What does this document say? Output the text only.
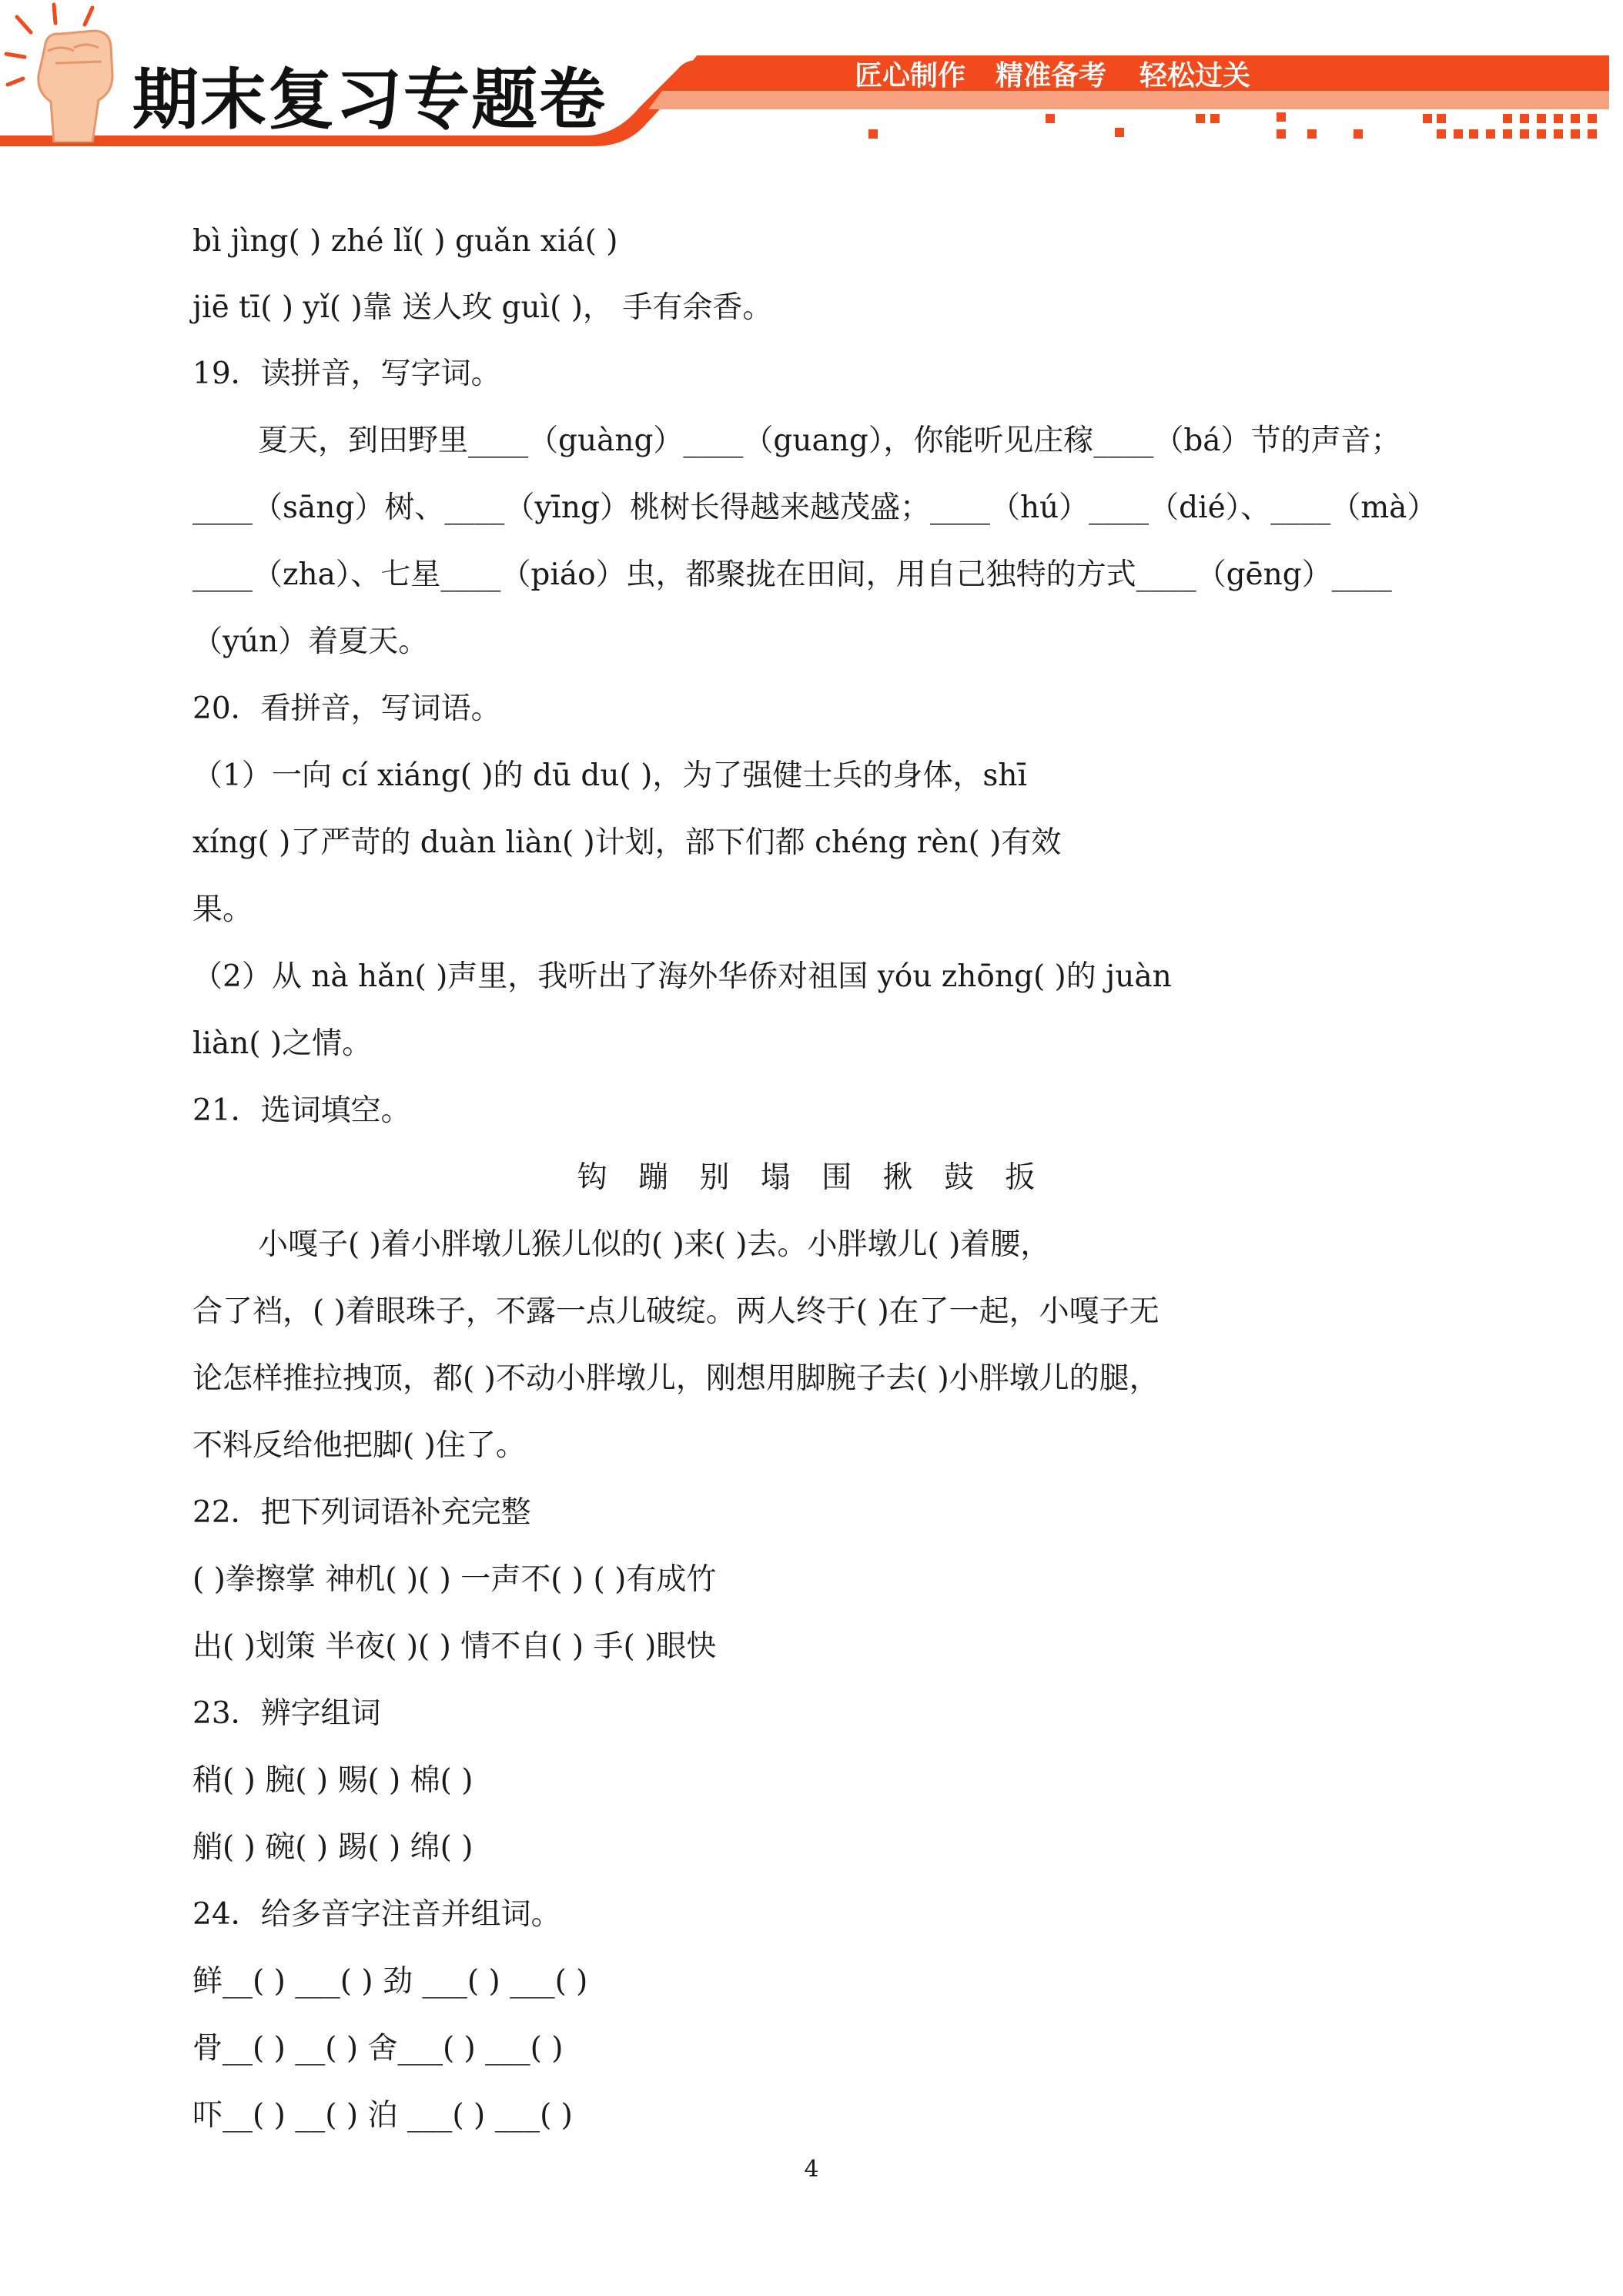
期末复习专题卷	匠心制作 精准备考 轻松过关
bì jìng( ) zhé lǐ( ) guǎn xiá( )
jiē tī( ) yǐ( )靠 送人玫 guì( )， 手有余香。
19．读拼音，写字词。
夏天，到田野里____（guàng）____（guang），你能听见庄稼____（bá）节的声音；
____（sāng）树、____（yīng）桃树长得越来越茂盛；____（hú）____（dié）、____（mà）
____（zha）、七星____（piáo）虫，都聚拢在田间，用自己独特的方式____（gēng）____
（yún）着夏天。
20．看拼音，写词语。
（1）一向 cí xiáng( )的 dū du( )，为了强健士兵的身体，shī
xíng( )了严苛的 duàn liàn( )计划，部下们都 chéng rèn( )有效
果。
（2）从 nà hǎn( )声里，我听出了海外华侨对祖国 yóu zhōng( )的 juàn
liàn( )之情。
21．选词填空。
钩 蹦 别 塌 围 揪 鼓 扳
小嘎子( )着小胖墩儿猴儿似的( )来( )去。小胖墩儿( )着腰，
合了裆，( )着眼珠子，不露一点儿破绽。两人终于( )在了一起，小嘎子无
论怎样推拉拽顶，都( )不动小胖墩儿，刚想用脚腕子去( )小胖墩儿的腿，
不料反给他把脚( )住了。
22．把下列词语补充完整
( )拳擦掌 神机( )( ) 一声不( ) ( )有成竹
出( )划策 半夜( )( ) 情不自( ) 手( )眼快
23．辨字组词
稍( ) 腕( ) 赐( ) 棉( )
艄( ) 碗( ) 踢( ) 绵( )
24．给多音字注音并组词。
鲜__( ) ___( ) 劲 ___( ) ___( )
骨__( ) __( ) 舍___( ) ___( )
吓__( ) __( ) 泊 ___( ) ___( )
4
